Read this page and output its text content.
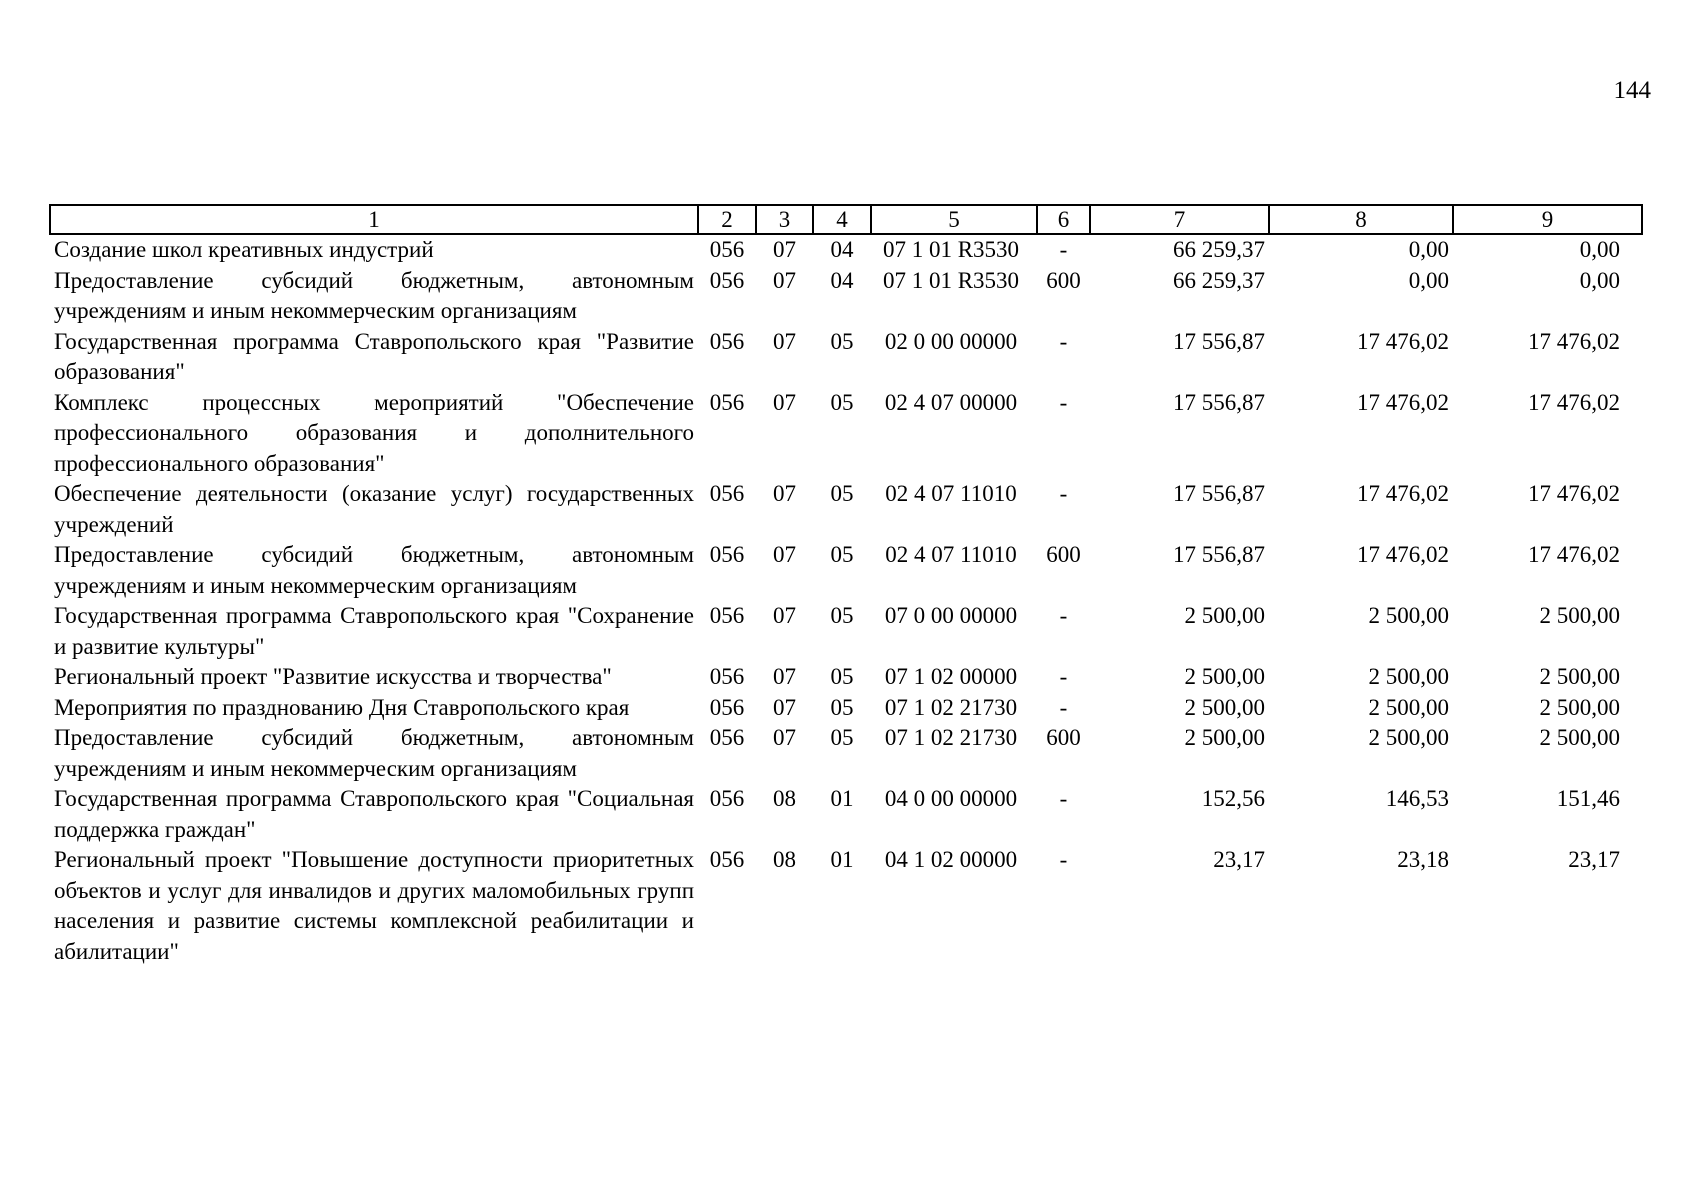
144
1	2	3	4	5	6	7	8	9
Создание школ креативных индустрий	056	07	04	07 1 01 R3530	-	66 259,37	0,00	0,00
Предоставление субсидий бюджетным, автономным учреждениям и иным некоммерческим организациям	056	07	04	07 1 01 R3530	600	66 259,37	0,00	0,00
Государственная программа Ставропольского края "Развитие образования"	056	07	05	02 0 00 00000	-	17 556,87	17 476,02	17 476,02
Комплекс процессных мероприятий "Обеспечение профессионального образования и дополнительного профессионального образования"	056	07	05	02 4 07 00000	-	17 556,87	17 476,02	17 476,02
Обеспечение деятельности (оказание услуг) государственных учреждений	056	07	05	02 4 07 11010	-	17 556,87	17 476,02	17 476,02
Предоставление субсидий бюджетным, автономным учреждениям и иным некоммерческим организациям	056	07	05	02 4 07 11010	600	17 556,87	17 476,02	17 476,02
Государственная программа Ставропольского края "Сохранение и развитие культуры"	056	07	05	07 0 00 00000	-	2 500,00	2 500,00	2 500,00
Региональный проект "Развитие искусства и творчества"	056	07	05	07 1 02 00000	-	2 500,00	2 500,00	2 500,00
Мероприятия по празднованию Дня Ставропольского края	056	07	05	07 1 02 21730	-	2 500,00	2 500,00	2 500,00
Предоставление субсидий бюджетным, автономным учреждениям и иным некоммерческим организациям	056	07	05	07 1 02 21730	600	2 500,00	2 500,00	2 500,00
Государственная программа Ставропольского края "Социальная поддержка граждан"	056	08	01	04 0 00 00000	-	152,56	146,53	151,46
Региональный проект "Повышение доступности приоритетных объектов и услуг для инвалидов и других маломобильных групп населения и развитие системы комплексной реабилитации и абилитации"	056	08	01	04 1 02 00000	-	23,17	23,18	23,17
